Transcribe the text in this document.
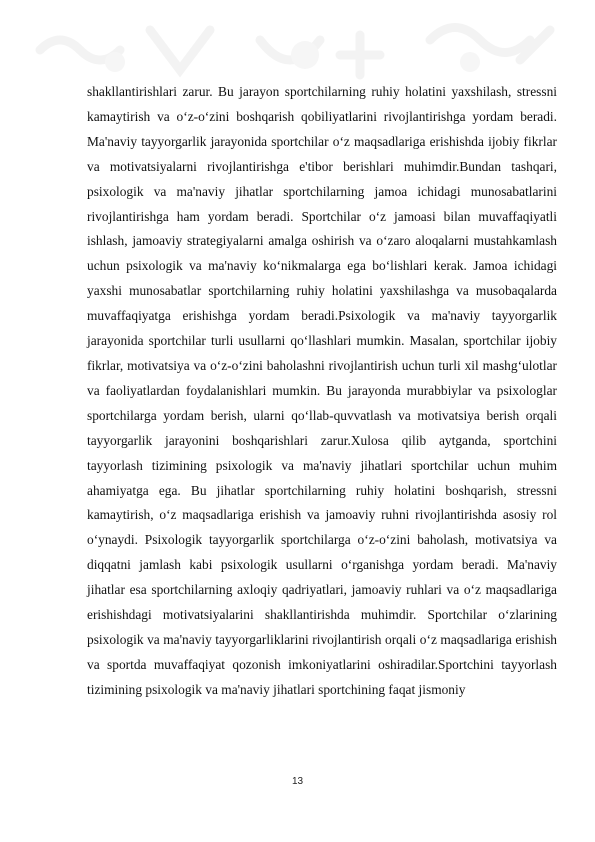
shakllantirishlari zarur. Bu jarayon sportchilarning ruhiy holatini yaxshilash, stressni kamaytirish va o‘z-o‘zini boshqarish qobiliyatlarini rivojlantirishga yordam beradi. Ma'naviy tayyorgarlik jarayonida sportchilar o‘z maqsadlariga erishishda ijobiy fikrlar va motivatsiyalarni rivojlantirishga e'tibor berishlari muhimdir.Bundan tashqari, psixologik va ma'naviy jihatlar sportchilarning jamoa ichidagi munosabatlarini rivojlantirishga ham yordam beradi. Sportchilar o‘z jamoasi bilan muvaffaqiyatli ishlash, jamoaviy strategiyalarni amalga oshirish va o‘zaro aloqalarni mustahkamlash uchun psixologik va ma'naviy ko‘nikmalarga ega bo‘lishlari kerak. Jamoa ichidagi yaxshi munosabatlar sportchilarning ruhiy holatini yaxshilashga va musobaqalarda muvaffaqiyatga erishishga yordam beradi.Psixologik va ma'naviy tayyorgarlik jarayonida sportchilar turli usullarni qo‘llashlari mumkin. Masalan, sportchilar ijobiy fikrlar, motivatsiya va o‘z-o‘zini baholashni rivojlantirish uchun turli xil mashg‘ulotlar va faoliyatlardan foydalanishlari mumkin. Bu jarayonda murabbiylar va psixologlar sportchilarga yordam berish, ularni qo‘llab-quvvatlash va motivatsiya berish orqali tayyorgarlik jarayonini boshqarishlari zarur.Xulosa qilib aytganda, sportchini tayyorlash tizimining psixologik va ma'naviy jihatlari sportchilar uchun muhim ahamiyatga ega. Bu jihatlar sportchilarning ruhiy holatini boshqarish, stressni kamaytirish, o‘z maqsadlariga erishish va jamoaviy ruhni rivojlantirishda asosiy rol o‘ynaydi. Psixologik tayyorgarlik sportchilarga o‘z-o‘zini baholash, motivatsiya va diqqatni jamlash kabi psixologik usullarni o‘rganishga yordam beradi. Ma'naviy jihatlar esa sportchilarning axloqiy qadriyatlari, jamoaviy ruhlari va o‘z maqsadlariga erishishdagi motivatsiyalarini shakllantirishda muhimdir. Sportchilar o‘zlarining psixologik va ma'naviy tayyorgarliklarini rivojlantirish orqali o‘z maqsadlariga erishish va sportda muvaffaqiyat qozonish imkoniyatlarini oshiradilar.Sportchini tayyorlash tizimining psixologik va ma'naviy jihatlari sportchining faqat jismoniy

13
